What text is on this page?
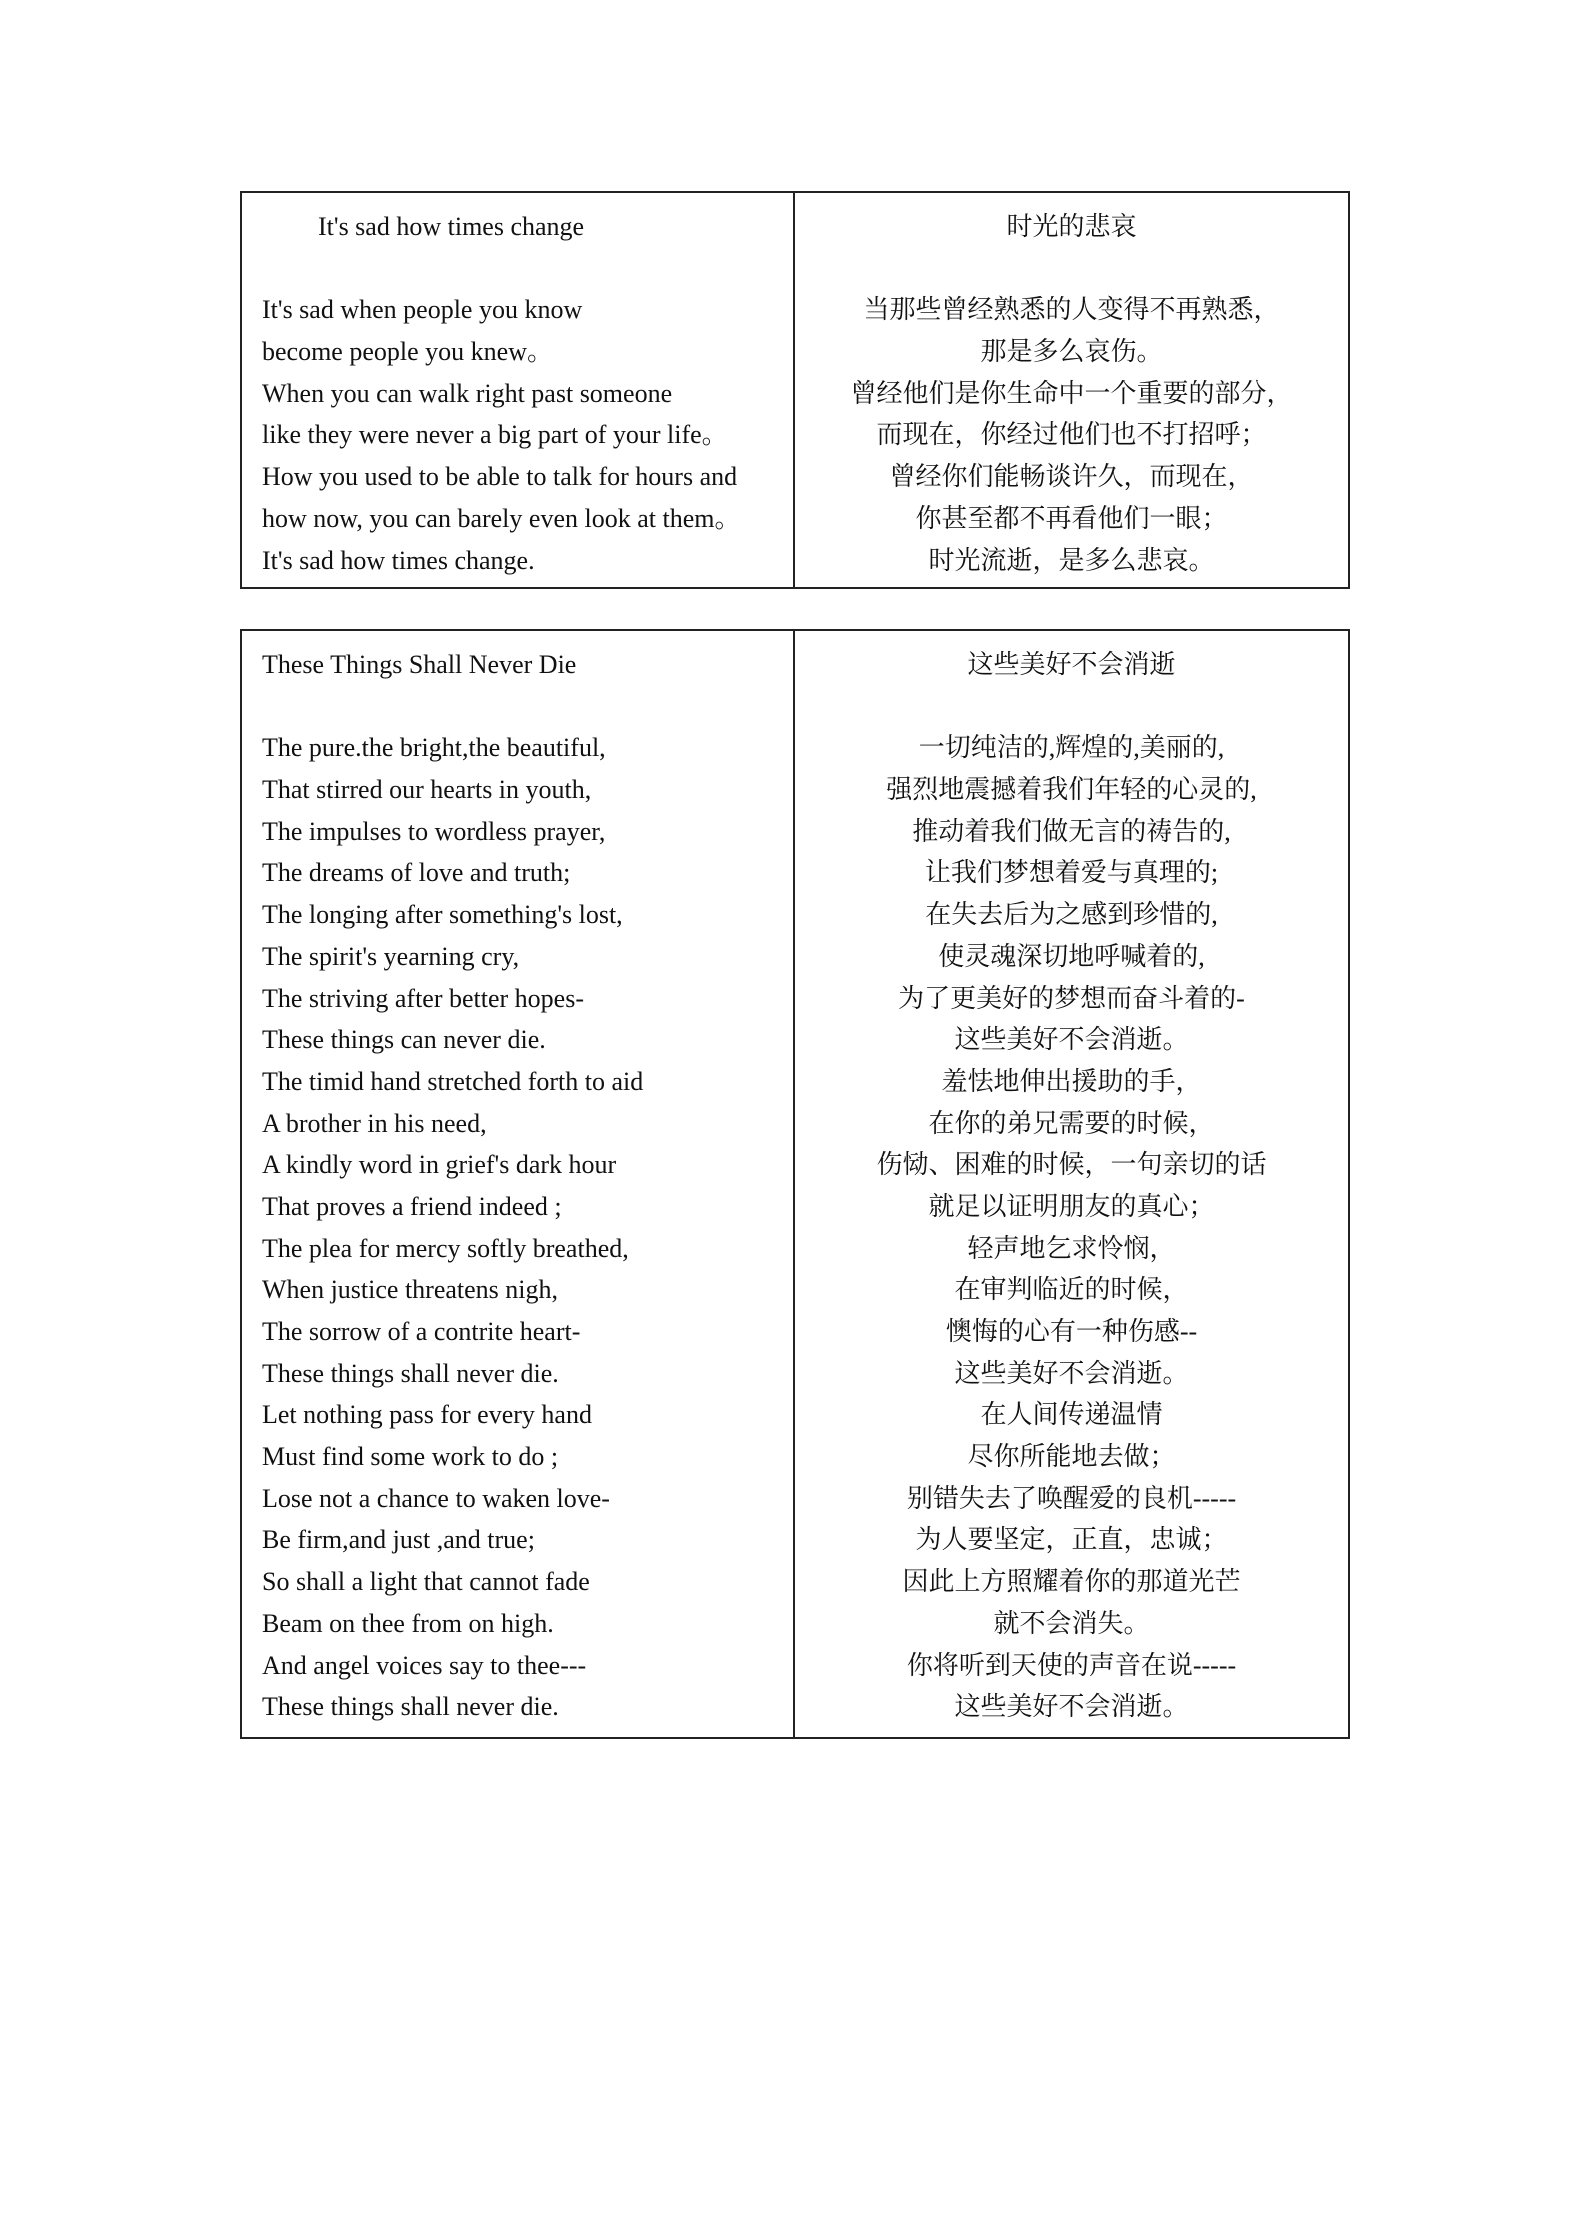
It's sad how times change
It's sad when people you know
become people you knew。
When you can walk right past someone
like they were never a big part of your life。
How you used to be able to talk for hours and
how now, you can barely even look at them。
It's sad how times change.
时光的悲哀
当那些曾经熟悉的人变得不再熟悉，
那是多么哀伤。
曾经他们是你生命中一个重要的部分，
而现在，你经过他们也不打招呼；
曾经你们能畅谈许久，而现在，
你甚至都不再看他们一眼；
时光流逝，是多么悲哀。
These Things Shall Never Die
The pure.the bright,the beautiful,
That stirred our hearts in youth,
The impulses to wordless prayer,
The dreams of love and truth;
The longing after something's lost,
The spirit's yearning cry,
The striving after better hopes-
These things can never die.
The timid hand stretched forth to aid
A brother in his need,
A kindly word in grief's dark hour
That proves a friend indeed ;
The plea for mercy softly breathed,
When justice threatens nigh,
The sorrow of a contrite heart-
These things shall never die.
Let nothing pass for every hand
Must find some work to do ;
Lose not a chance to waken love-
Be firm,and just ,and true;
So shall a light that cannot fade
Beam on thee from on high.
And angel voices say to thee---
These things shall never die.
这些美好不会消逝
一切纯洁的,辉煌的,美丽的,
强烈地震撼着我们年轻的心灵的,
推动着我们做无言的祷告的,
让我们梦想着爱与真理的;
在失去后为之感到珍惜的,
使灵魂深切地呼喊着的,
为了更美好的梦想而奋斗着的-
这些美好不会消逝。
羞怯地伸出援助的手，
在你的弟兄需要的时候，
伤恸、困难的时候，一句亲切的话
就足以证明朋友的真心；
轻声地乞求怜悯，
在审判临近的时候，
懊悔的心有一种伤感--
这些美好不会消逝。
在人间传递温情
尽你所能地去做；
别错失去了唤醒爱的良机-----
为人要坚定，正直，忠诚；
因此上方照耀着你的那道光芒
就不会消失。
你将听到天使的声音在说-----
这些美好不会消逝。
